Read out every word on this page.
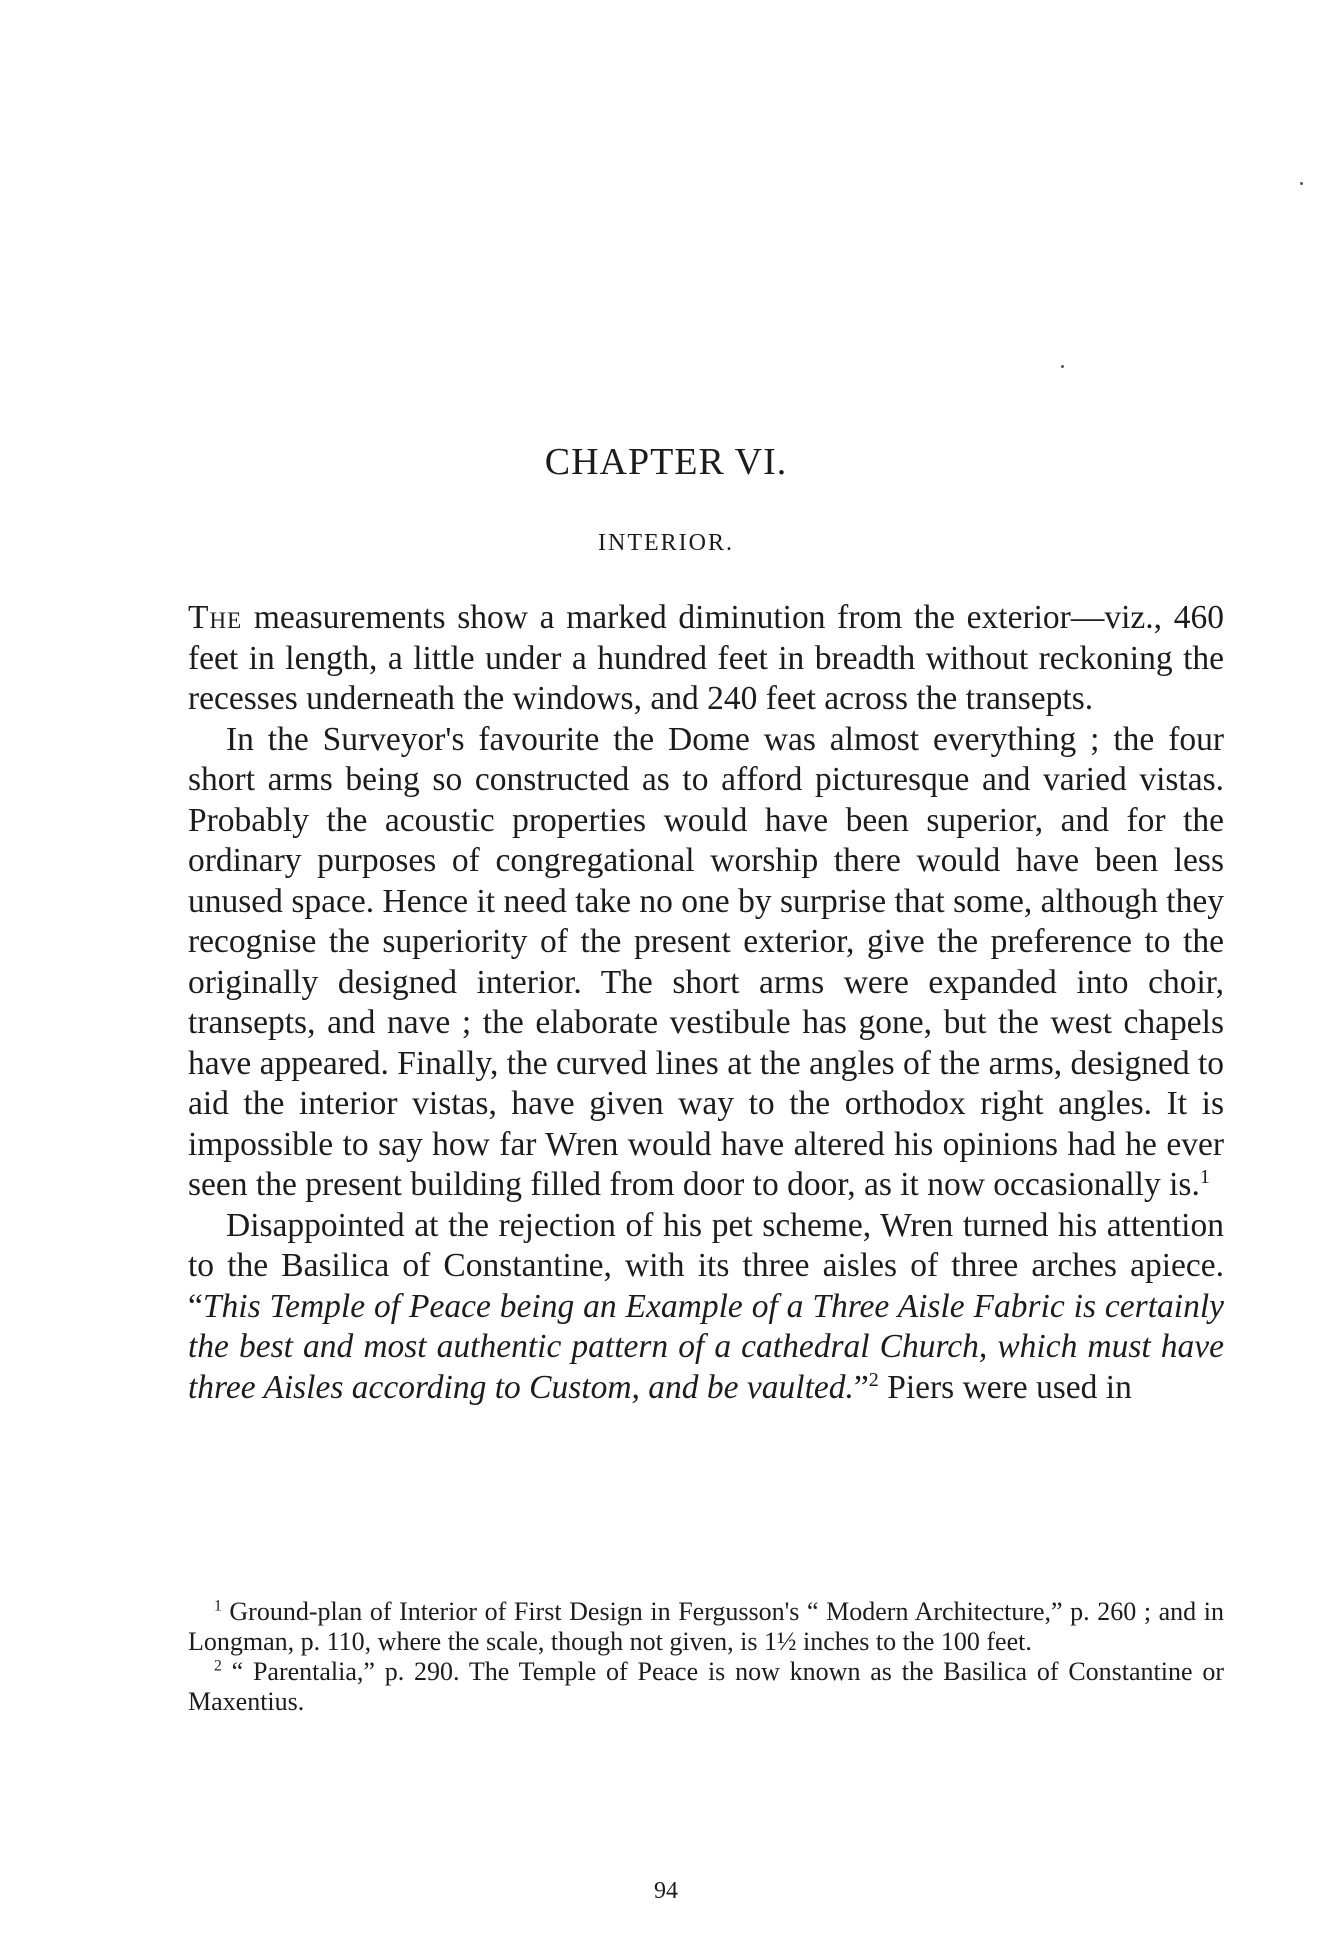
CHAPTER VI.
INTERIOR.

The measurements show a marked diminution from the exterior—viz., 460 feet in length, a little under a hundred feet in breadth without reckoning the recesses underneath the windows, and 240 feet across the transepts.

In the Surveyor's favourite the Dome was almost everything ; the four short arms being so constructed as to afford picturesque and varied vistas. Probably the acoustic properties would have been superior, and for the ordinary purposes of congregational worship there would have been less unused space. Hence it need take no one by surprise that some, although they recognise the superiority of the present exterior, give the preference to the originally designed interior. The short arms were expanded into choir, transepts, and nave ; the elaborate vestibule has gone, but the west chapels have appeared. Finally, the curved lines at the angles of the arms, designed to aid the interior vistas, have given way to the orthodox right angles. It is impossible to say how far Wren would have altered his opinions had he ever seen the present building filled from door to door, as it now occasionally is.$^1$

Disappointed at the rejection of his pet scheme, Wren turned his attention to the Basilica of Constantine, with its three aisles of three arches apiece. “This Temple of Peace being an Example of a Three Aisle Fabric is certainly the best and most authentic pattern of a cathedral Church, which must have three Aisles according to Custom, and be vaulted.”$^2$ Piers were used in

$^1$ Ground-plan of Interior of First Design in Fergusson's “ Modern Architecture,” p. 260 ; and in Longman, p. 110, where the scale, though not given, is 1½ inches to the 100 feet.

$^2$ “ Parentalia,” p. 290. The Temple of Peace is now known as the Basilica of Constantine or Maxentius.

94
